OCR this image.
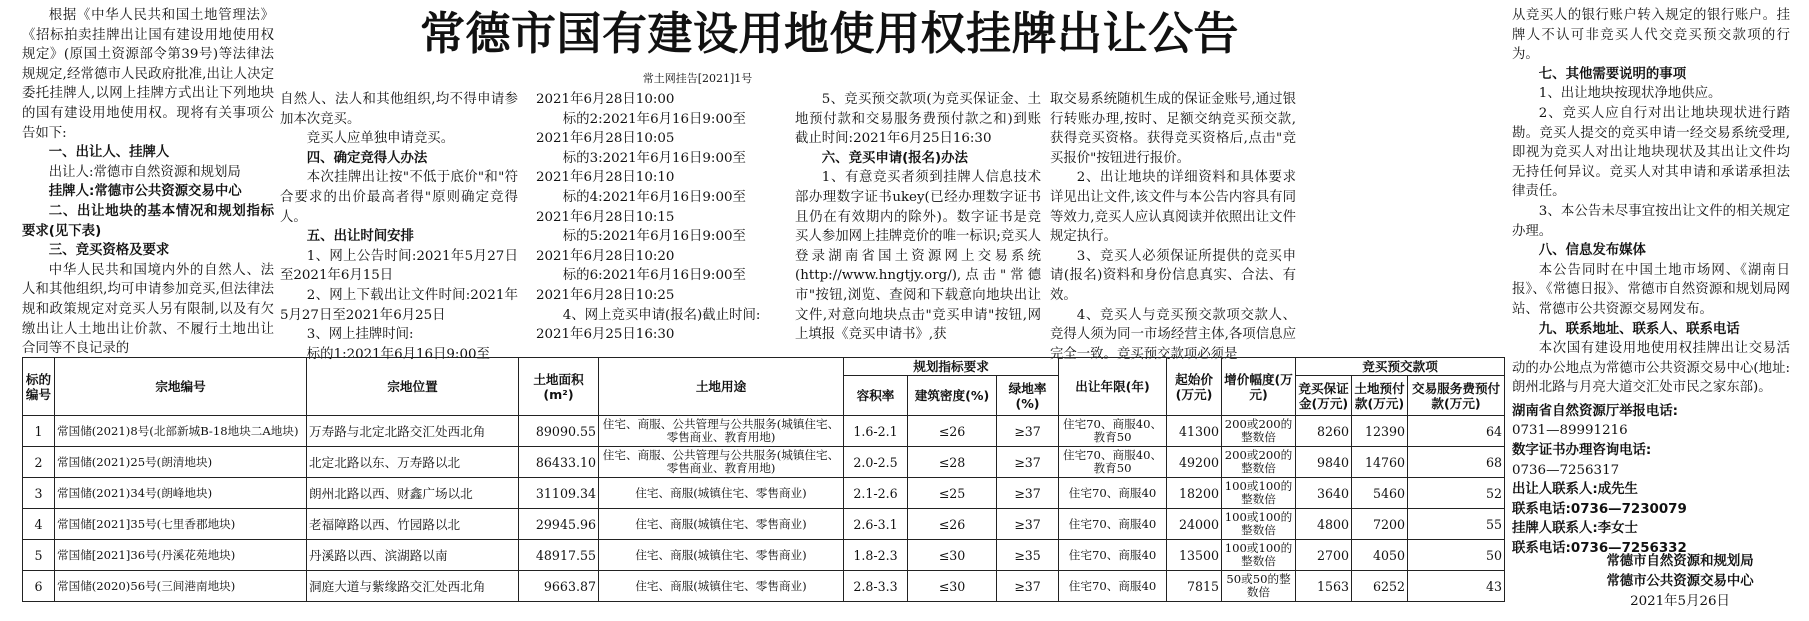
常德市国有建设用地使用权挂牌出让公告
常土网挂告[2021]1号

根据《中华人民共和国土地管理法》《招标拍卖挂牌出让国有建设用地使用权规定》(原国土资源部令第39号)等法律法规规定,经常德市人民政府批准,出让人决定委托挂牌人,以网上挂牌方式出让下列地块的国有建设用地使用权。现将有关事项公告如下:

一、出让人、挂牌人

出让人:常德市自然资源和规划局

挂牌人:常德市公共资源交易中心

二、出让地块的基本情况和规划指标要求(见下表)

三、竞买资格及要求

中华人民共和国境内外的自然人、法人和其他组织,均可申请参加竞买,但法律法规和政策规定对竞买人另有限制,以及有欠缴出让人土地出让价款、不履行土地出让合同等不良记录的

自然人、法人和其他组织,均不得申请参加本次竞买。

竞买人应单独申请竞买。

四、确定竞得人办法

本次挂牌出让按"不低于底价"和"符合要求的出价最高者得"原则确定竞得人。

五、出让时间安排

1、网上公告时间:2021年5月27日至2021年6月15日

2、网上下载出让文件时间:2021年5月27日至2021年6月25日

3、网上挂牌时间:

标的1:2021年6月16日9:00至

2021年6月28日10:00

标的2:2021年6月16日9:00至

2021年6月28日10:05

标的3:2021年6月16日9:00至

2021年6月28日10:10

标的4:2021年6月16日9:00至

2021年6月28日10:15

标的5:2021年6月16日9:00至

2021年6月28日10:20

标的6:2021年6月16日9:00至

2021年6月28日10:25

4、网上竞买申请(报名)截止时间:

2021年6月25日16:30

5、竞买预交款项(为竞买保证金、土地预付款和交易服务费预付款之和)到账截止时间:2021年6月25日16:30

六、竞买申请(报名)办法

1、有意竞买者须到挂牌人信息技术部办理数字证书ukey(已经办理数字证书且仍在有效期内的除外)。数字证书是竞买人参加网上挂牌竞价的唯一标识;竞买人登录湖南省国土资源网上交易系统(http://www.hngtjy.org/),点击"常德市"按钮,浏览、查阅和下载意向地块出让文件,对意向地块点击"竞买申请"按钮,网上填报《竞买申请书》,获

取交易系统随机生成的保证金账号,通过银行转账办理,按时、足额交纳竞买预交款,获得竞买资格。获得竞买资格后,点击"竞买报价"按钮进行报价。

2、出让地块的详细资料和具体要求详见出让文件,该文件与本公告内容具有同等效力,竞买人应认真阅读并依照出让文件规定执行。

3、竞买人必须保证所提供的竞买申请(报名)资料和身份信息真实、合法、有效。

4、竞买人与竞买预交款项交款人、竞得人须为同一市场经营主体,各项信息应完全一致。竞买预交款项必须是

从竞买人的银行账户转入规定的银行账户。挂牌人不认可非竞买人代交竞买预交款项的行为。

七、其他需要说明的事项

1、出让地块按现状净地供应。

2、竞买人应自行对出让地块现状进行踏勘。竞买人提交的竞买申请一经交易系统受理,即视为竞买人对出让地块现状及其出让文件均无持任何异议。竞买人对其申请和承诺承担法律责任。

3、本公告未尽事宜按出让文件的相关规定办理。

八、信息发布媒体

本公告同时在中国土地市场网、《湖南日报》、《常德日报》、常德市自然资源和规划局网站、常德市公共资源交易网发布。

九、联系地址、联系人、联系电话

本次国有建设用地使用权挂牌出让交易活动的办公地点为常德市公共资源交易中心(地址:朗州北路与月亮大道交汇处市民之家东部)。

湖南省自然资源厅举报电话:

0731—89991216

数字证书办理咨询电话:

0736—7256317

出让人联系人:成先生

联系电话:0736—7230079

挂牌人联系人:李女士

联系电话:0736—7256332

常德市自然资源和规划局
常德市公共资源交易中心
2021年5月26日
标的编号	宗地编号	宗地位置	土地面积(m²)	土地用途	规划指标要求			出让年限(年)	起始价(万元)	增价幅度(万元)	竞买预交款项		
					容积率	建筑密度(%)	绿地率(%)				竞买保证金(万元)	土地预付款(万元)	交易服务费预付款(万元)
1	常国储(2021)8号(北部新城B-18地块二A地块)	万寿路与北定北路交汇处西北角	89090.55	住宅、商服、公共管理与公共服务(城镇住宅、零售商业、教育用地)	1.6-2.1	≤26	≥37	住宅70、商服40、教育50	41300	200或200的整数倍	8260	12390	64
2	常国储(2021)25号(朗清地块)	北定北路以东、万寿路以北	86433.10	住宅、商服、公共管理与公共服务(城镇住宅、零售商业、教育用地)	2.0-2.5	≤28	≥37	住宅70、商服40、教育50	49200	200或200的整数倍	9840	14760	68
3	常国储(2021)34号(朗峰地块)	朗州北路以西、财鑫广场以北	31109.34	住宅、商服(城镇住宅、零售商业)	2.1-2.6	≤25	≥37	住宅70、商服40	18200	100或100的整数倍	3640	5460	52
4	常国储[2021]35号(七里香郡地块)	老福障路以西、竹园路以北	29945.96	住宅、商服(城镇住宅、零售商业)	2.6-3.1	≤26	≥37	住宅70、商服40	24000	100或100的整数倍	4800	7200	55
5	常国储[2021]36号(丹溪花苑地块)	丹溪路以西、滨湖路以南	48917.55	住宅、商服(城镇住宅、零售商业)	1.8-2.3	≤30	≥35	住宅70、商服40	13500	100或100的整数倍	2700	4050	50
6	常国储(2020)56号(三闾港南地块)	洞庭大道与紫缘路交汇处西北角	9663.87	住宅、商服(城镇住宅、零售商业)	2.8-3.3	≤30	≥37	住宅70、商服40	7815	50或50的整数倍	1563	6252	43
